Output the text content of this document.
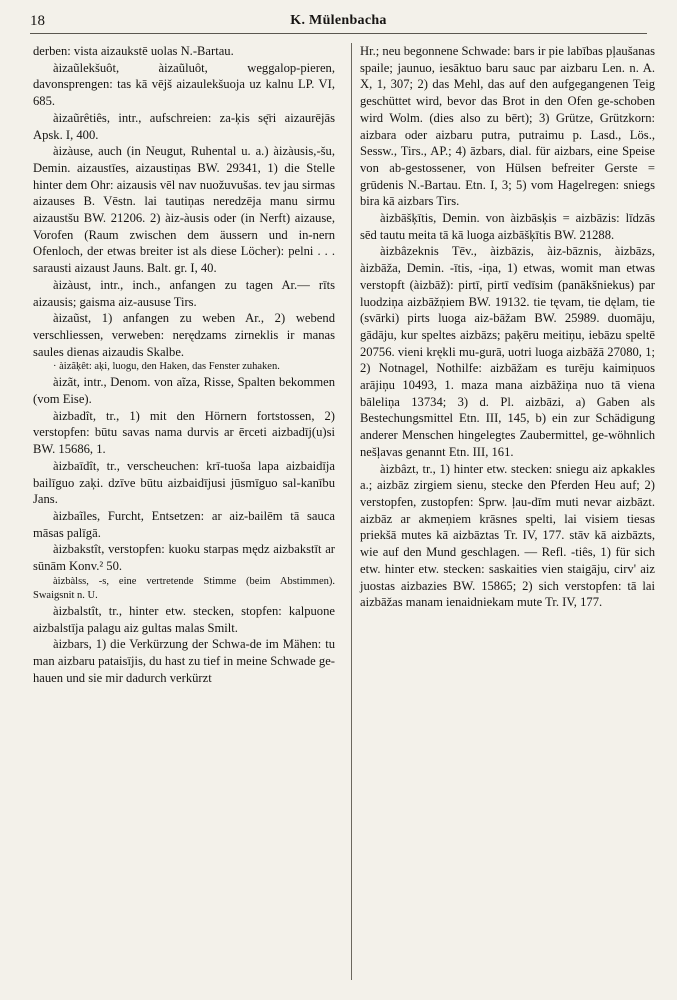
18	K. Mülenbacha

derben: vista aizaukstē uolas N.-Bartau.

àizaũlekšuôt, àizaũluôt, weggalop-pieren, davonsprengen: tas kā vējš aizaulekšuoja uz kalnu LP. VI, 685.

àizaũrêtiês, intr., aufschreien: za-ķis sę̄ri aizaurējās Apsk. I, 400.

àizàuse, auch (in Neugut, Ruhental u. a.) àizàusis,-šu, Demin. aizaustīes, aizaustiņas BW. 29341, 1) die Stelle hinter dem Ohr: aizausis vēl nav nuožuvušas. tev jau sirmas aizauses B. Vēstn. lai tautiņas neredzēja manu sirmu aizaustšu BW. 21206. 2) àiz-àusis oder (in Nerft) aizause, Vorofen (Raum zwischen dem äussern und in-nern Ofenloch, der etwas breiter ist als diese Löcher): pelni . . . sarausti aizaust Jauns. Balt. gr. I, 40.

àizàust, intr., inch., anfangen zu tagen Ar.— rīts aizausis; gaisma aiz-aususe Tirs.

àizaũst, 1) anfangen zu weben Ar., 2) webend verschliessen, verweben: nerędzams zirneklis ir manas saules dienas aizaudis Skalbe.

· àizãķêt: aķi, luogu, den Haken, das Fenster zuhaken.

àizãt, intr., Denom. von aĩza, Risse, Spalten bekommen (vom Eise).

àizbadît, tr., 1) mit den Hörnern fortstossen, 2) verstopfen: būtu savas nama durvis ar ērceti aizbadīj(u)si BW. 15686, 1.

àizbaīdît, tr., verscheuchen: krī-tuoša lapa aizbaidīja bailīguo zaķi. dzīve būtu aizbaidījusi jūsmīguo sal-kanību Jans.

àizbaĩles, Furcht, Entsetzen: ar aiz-bailēm tā sauca māsas palīgā.

àizbakstît, verstopfen: kuoku starpas mędz aizbakstīt ar sūnām Konv.² 50.

àizbàlss, -s, eine vertretende Stimme (beim Abstimmen). Swaigsnit n. U.

àizbalstît, tr., hinter etw. stecken, stopfen: kalpuone aizbalstīja palagu aiz gultas malas Smilt.

àizbars, 1) die Verkürzung der Schwa-de im Mähen: tu man aizbaru pataisījis, du hast zu tief in meine Schwade ge-hauen und sie mir dadurch verkürzt

Hr.; neu begonnene Schwade: bars ir pie labības pļaušanas spaile; jaunuo, iesāktuo baru sauc par aizbaru Len. n. A. X, 1, 307; 2) das Mehl, das auf den aufgegangenen Teig geschüttet wird, bevor das Brot in den Ofen ge-schoben wird Wolm. (dies also zu bērt); 3) Grütze, Grützkorn: aizbara oder aizbaru putra, putraimu p. Lasd., Lös., Sessw., Tirs., AP.; 4) āzbars, dial. für aizbars, eine Speise von ab-gestossener, von Hülsen befreiter Gerste = grūdenis N.-Bartau. Etn. I, 3; 5) vom Hagelregen: sniegs bira kā aizbars Tirs.

àizbāšķītis, Demin. von àizbāsķis = aizbāzis: līdzās sēd tautu meita tā kā luoga aizbāšķītis BW. 21288.

àizbâzeknis Tēv., àizbāzis, àiz-bāznis, àizbāzs, àizbāža, Demin. -ītis, -iņa, 1) etwas, womit man etwas verstopft (àizbāž): pirtī, pirtī vedīsim (panākšniekus) par luodziņa aizbāžņiem BW. 19132. tie tęvam, tie dęlam, tie (svārki) pirts luoga aiz-bāžam BW. 25989. duomāju, gādāju, kur speltes aizbāzs; paķēru meitiņu, iebāzu speltē 20756. vieni krękli mu-gurā, uotri luoga aizbāžā 27080, 1; 2) Notnagel, Nothilfe: aizbāžam es turēju kaimiņuos arājiņu 10493, 1. maza mana aizbāžiņa nuo tā viena bāleliņa 13734; 3) d. Pl. aizbāzi, a) Gaben als Bestechungsmittel Etn. III, 145, b) ein zur Schädigung anderer Menschen hingelegtes Zaubermittel, ge-wöhnlich nešļavas genannt Etn. III, 161.

àizbâzt, tr., 1) hinter etw. stecken: sniegu aiz apkakles a.; aizbāz zirgiem sienu, stecke den Pferden Heu auf; 2) verstopfen, zustopfen: Sprw. ļau-dīm muti nevar aizbāzt. aizbāz ar akmeņiem krāsnes spelti, lai visiem tiesas priekšā mutes kā aizbāztas Tr. IV, 177. stāv kā aizbāzts, wie auf den Mund geschlagen. — Refl. -tiês, 1) für sich etw. hinter etw. stecken: saskaities vien staigāju, cirv' aiz juostas aizbazies BW. 15865; 2) sich verstopfen: tā lai aizbāžas manam ienaidniekam mute Tr. IV, 177.
